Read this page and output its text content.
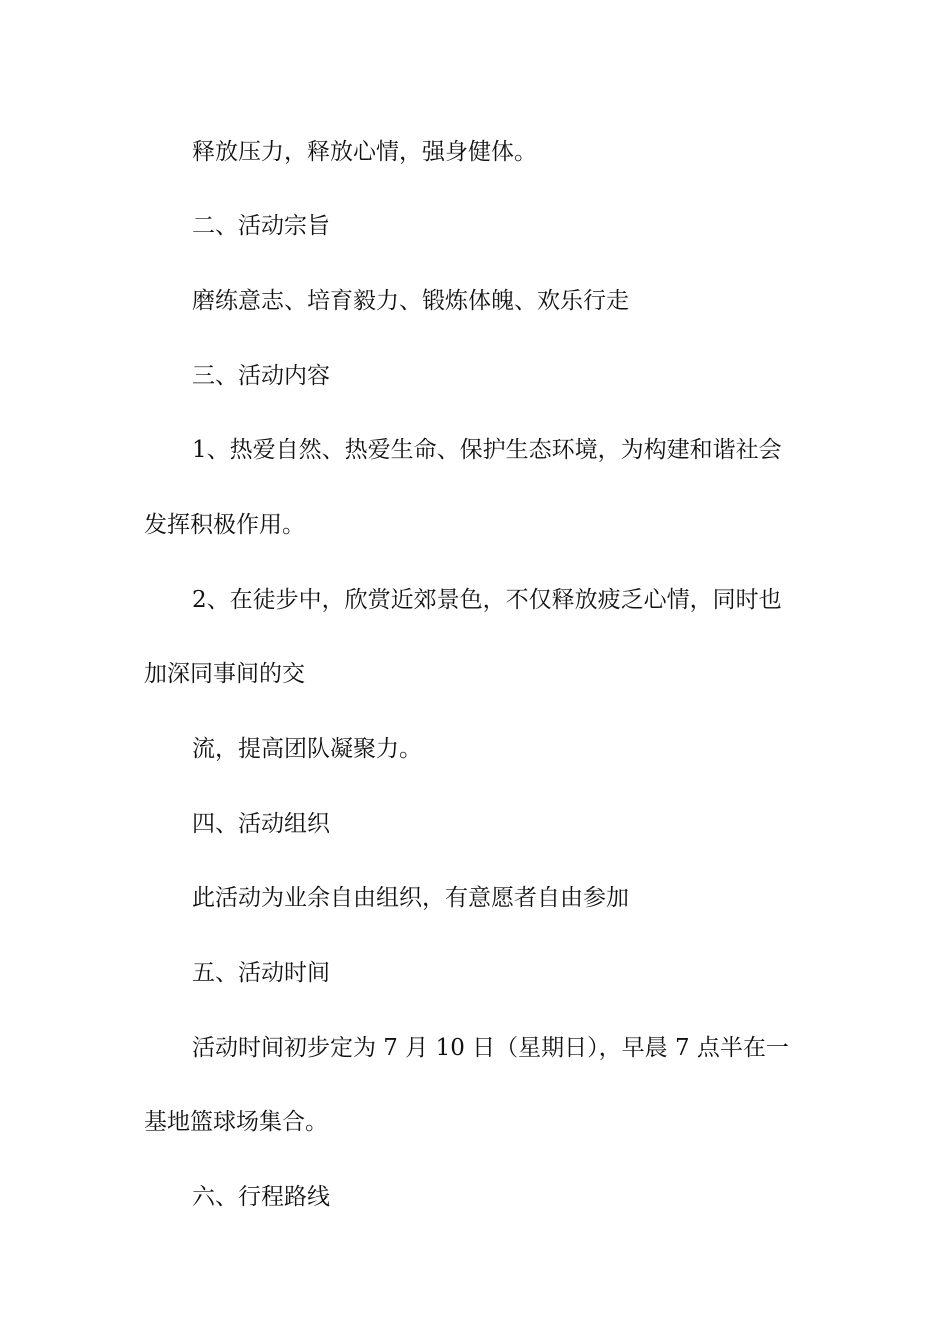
释放压力，释放心情，强身健体。

二、活动宗旨

磨练意志、培育毅力、锻炼体魄、欢乐行走

三、活动内容

1、热爱自然、热爱生命、保护生态环境，为构建和谐社会

发挥积极作用。

2、在徒步中，欣赏近郊景色，不仅释放疲乏心情，同时也

加深同事间的交

流，提高团队凝聚力。

四、活动组织

此活动为业余自由组织，有意愿者自由参加

五、活动时间

活动时间初步定为 7 月 10 日（星期日），早晨 7 点半在一

基地篮球场集合。

六、行程路线
